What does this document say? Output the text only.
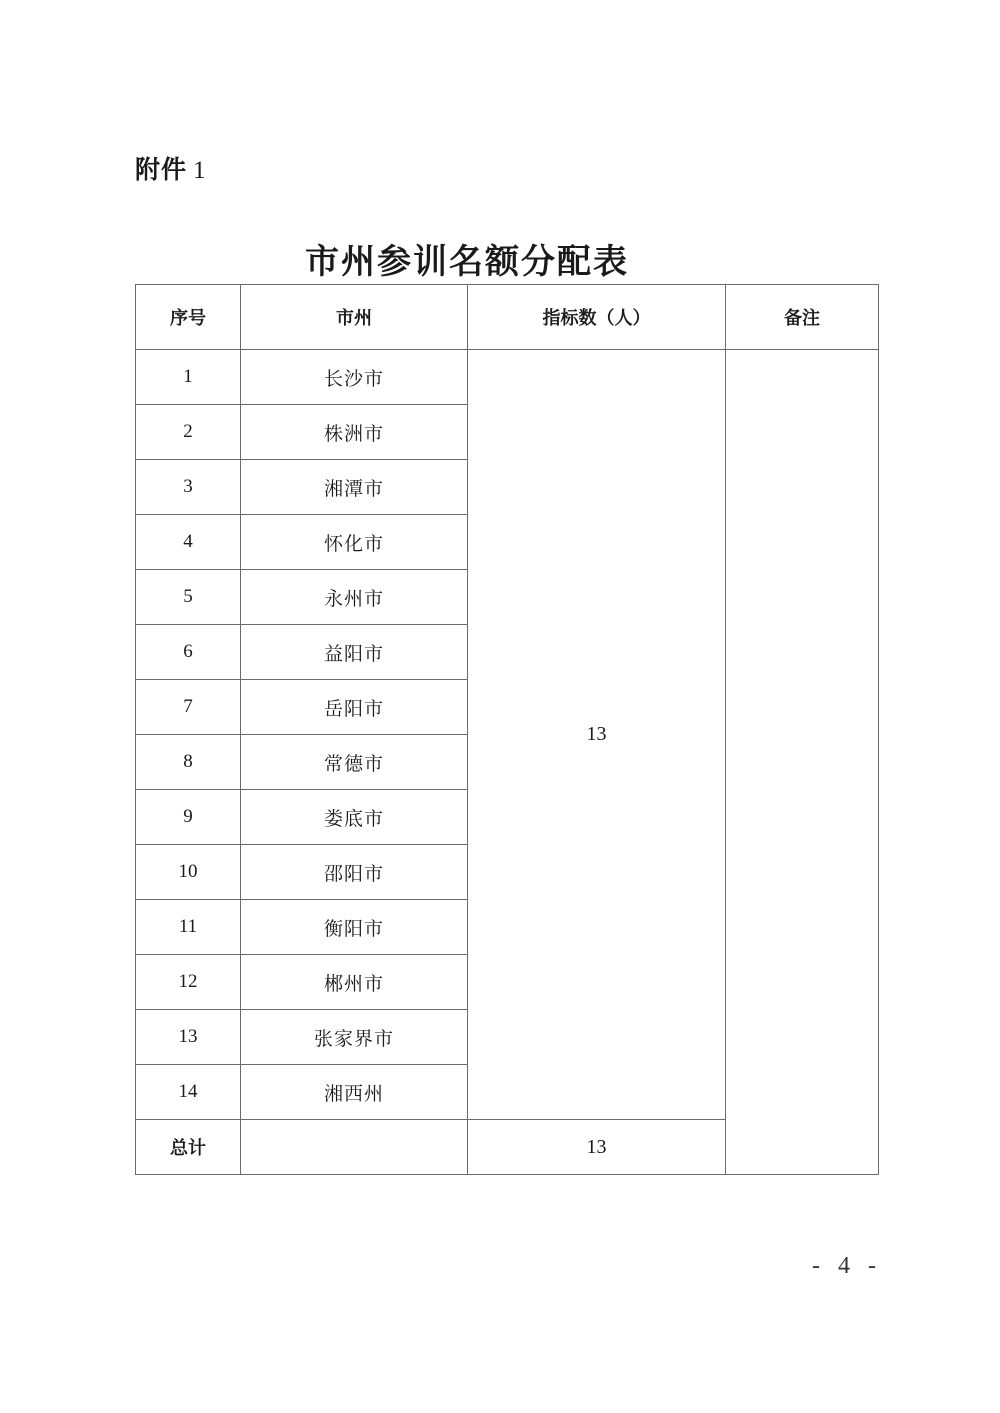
附件 1
市州参训名额分配表
序号	市州	指标数（人）	备注
1	长沙市	13	
2	株洲市		
3	湘潭市		
4	怀化市		
5	永州市		
6	益阳市		
7	岳阳市		
8	常德市		
9	娄底市		
10	邵阳市		
11	衡阳市		
12	郴州市		
13	张家界市		
14	湘西州		
总计		13	
- 4 -
